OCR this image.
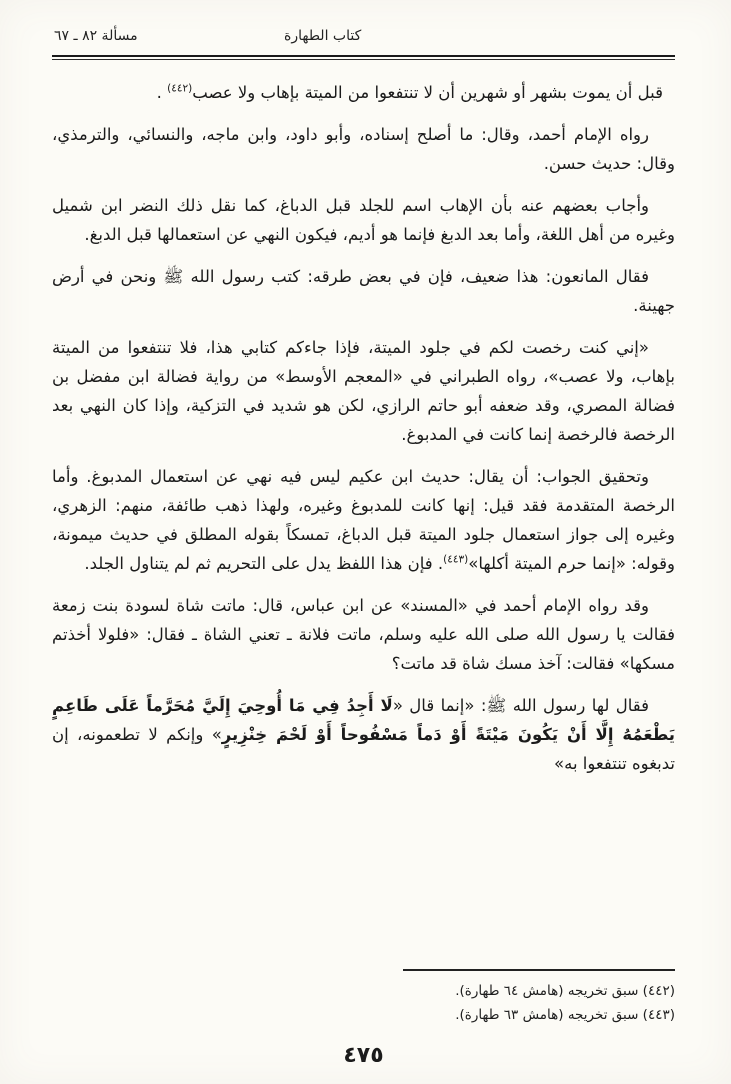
مسألة ٨٢ ـ ٦٧	كتاب الطهارة

قبل أن يموت بشهر أو شهرين أن لا تنتفعوا من الميتة بإهاب ولا عصب$^{(٤٤٢)}$ .

رواه الإمام أحمد، وقال: ما أصلح إسناده، وأبو داود، وابن ماجه، والنسائي، والترمذي، وقال: حديث حسن.

وأجاب بعضهم عنه بأن الإهاب اسم للجلد قبل الدباغ، كما نقل ذلك النضر ابن شميل وغيره من أهل اللغة، وأما بعد الدبغ فإنما هو أديم، فيكون النهي عن استعمالها قبل الدبغ.

فقال المانعون: هذا ضعيف، فإن في بعض طرقه: كتب رسول الله ﷺ ونحن في أرض جهينة.

«إني كنت رخصت لكم في جلود الميتة، فإذا جاءكم كتابي هذا، فلا تنتفعوا من الميتة بإهاب، ولا عصب»، رواه الطبراني في «المعجم الأوسط» من رواية فضالة ابن مفضل بن فضالة المصري، وقد ضعفه أبو حاتم الرازي، لكن هو شديد في التزكية، وإذا كان النهي بعد الرخصة فالرخصة إنما كانت في المدبوغ.

وتحقيق الجواب: أن يقال: حديث ابن عكيم ليس فيه نهي عن استعمال المدبوغ. وأما الرخصة المتقدمة فقد قيل: إنها كانت للمدبوغ وغيره، ولهذا ذهب طائفة، منهم: الزهري، وغيره إلى جواز استعمال جلود الميتة قبل الدباغ، تمسكاً بقوله المطلق في حديث ميمونة، وقوله: «إنما حرم الميتة أكلها»$^{(٤٤٣)}$. فإن هذا اللفظ يدل على التحريم ثم لم يتناول الجلد.

وقد رواه الإمام أحمد في «المسند» عن ابن عباس، قال: ماتت شاة لسودة بنت زمعة فقالت يا رسول الله صلى الله عليه وسلم، ماتت فلانة ـ تعني الشاة ـ فقال: «فلولا أخذتم مسكها» فقالت: آخذ مسك شاة قد ماتت؟

فقال لها رسول الله ﷺ: «إنما قال «لَا أَجِدُ فِي مَا أُوحِيَ إِلَيَّ مُحَرَّماً عَلَى طَاعِمٍ يَطْعَمُهُ إِلَّا أَنْ يَكُونَ مَيْتَةً أَوْ دَماً مَسْفُوحاً أَوْ لَحْمَ خِنْزِيرٍ» وإنكم لا تطعمونه، إن تدبغوه تنتفعوا به»

(٤٤٢) سبق تخريجه (هامش ٦٤ طهارة).

(٤٤٣) سبق تخريجه (هامش ٦٣ طهارة).

٤٧٥
